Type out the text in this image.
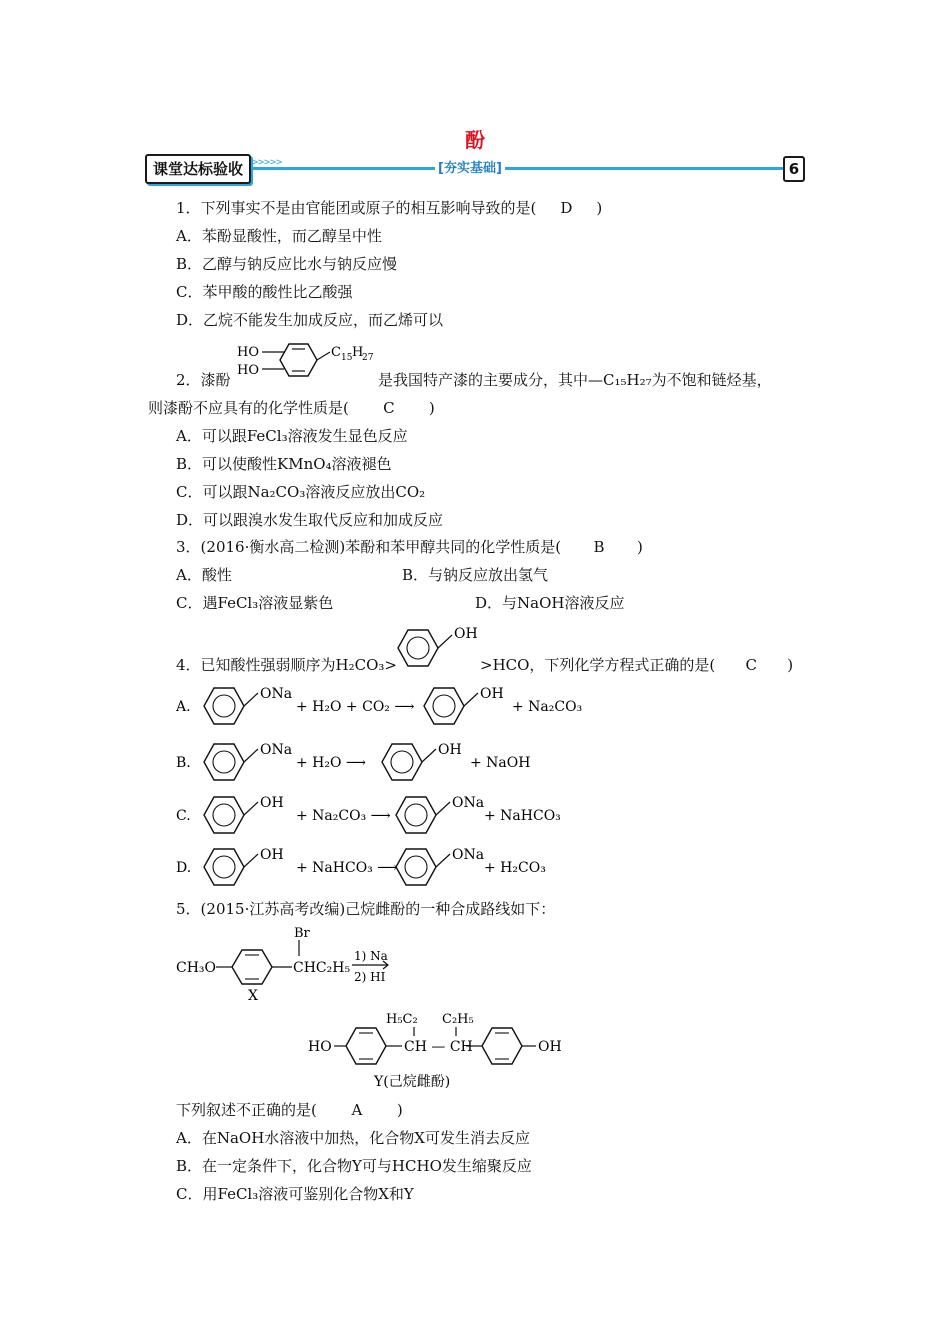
酚
课堂达标验收 >>>>>	[夯实基础]	6
1．下列事实不是由官能团或原子的相互影响导致的是( D )
A．苯酚显酸性，而乙醇呈中性
B．乙醇与钠反应比水与钠反应慢
C．苯甲酸的酸性比乙酸强
D．乙烷不能发生加成反应，而乙烯可以
HO
HO
C 15 H
27
2．漆酚	是我国特产漆的主要成分，其中—C₁₅H₂₇为不饱和链烃基，
则漆酚不应具有的化学性质是( C )
A．可以跟FeCl₃溶液发生显色反应
B．可以使酸性KMnO₄溶液褪色
C．可以跟Na₂CO₃溶液反应放出CO₂
D．可以跟溴水发生取代反应和加成反应
3．(2016·衡水高二检测)苯酚和苯甲醇共同的化学性质是( B )
A．酸性	B．与钠反应放出氢气
C．遇FeCl₃溶液显紫色	D．与NaOH溶液反应
4．已知酸性强弱顺序为H₂CO₃>
OH
>HCO，下列化学方程式正确的是( C )
A.
ONa
+ H₂O + CO₂ ⟶
OH
+ Na₂CO₃
B.
ONa
+ H₂O ⟶
OH
+ NaOH
C.
OH
+ Na₂CO₃ ⟶
ONa
+ NaHCO₃
D.
OH
+ NaHCO₃ ⟶
ONa
+ H₂CO₃
5．(2015·江苏高考改编)己烷雌酚的一种合成路线如下：
CH₃O
Br
CHC₂H₅
X
1) Na
2) HI
H₅C₂ C₂H₅
HO	CH — CH	OH
Y(己烷雌酚)
下列叙述不正确的是( A )
A．在NaOH水溶液中加热，化合物X可发生消去反应
B．在一定条件下，化合物Y可与HCHO发生缩聚反应
C．用FeCl₃溶液可鉴别化合物X和Y
